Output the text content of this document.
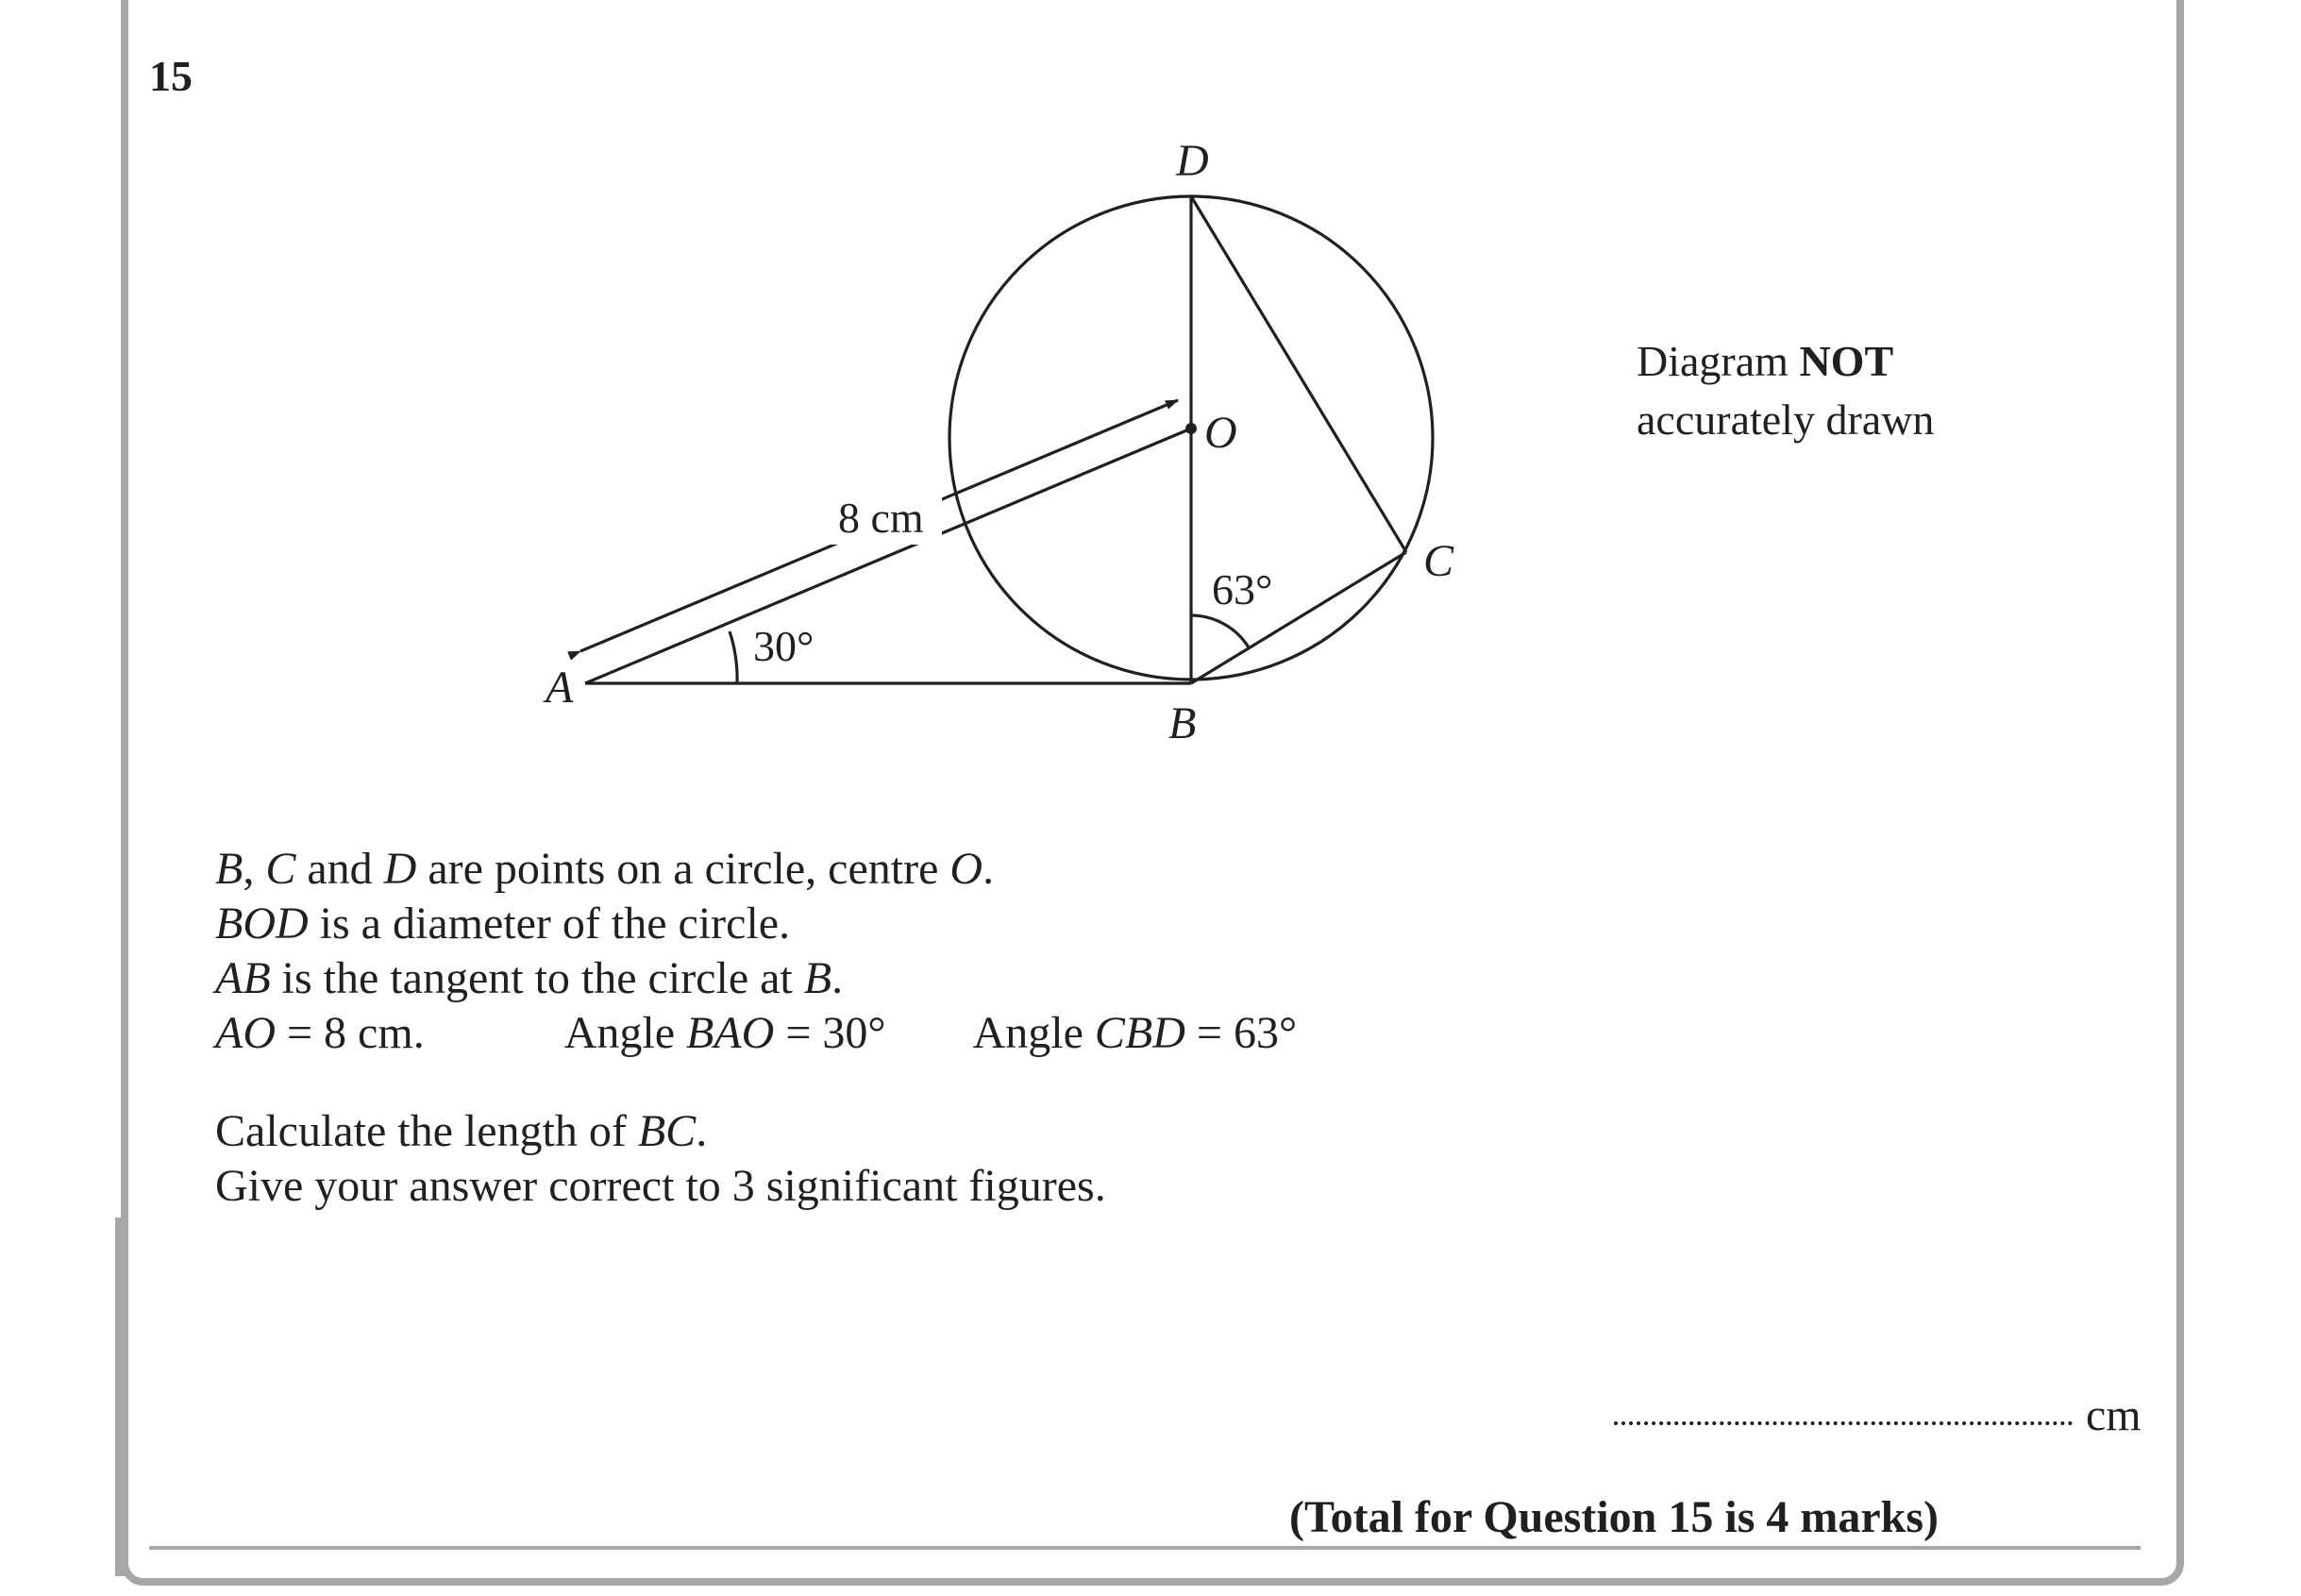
15
8 cm
30°
63°
A
B
C
D
O
Diagram NOT
accurately drawn
B, C and D are points on a circle, centre O.
BOD is a diameter of the circle.
AB is the tangent to the circle at B.
AO = 8 cm.	Angle BAO = 30° Angle CBD = 63°
Calculate the length of BC.
Give your answer correct to 3 significant figures.
cm
(Total for Question 15 is 4 marks)
